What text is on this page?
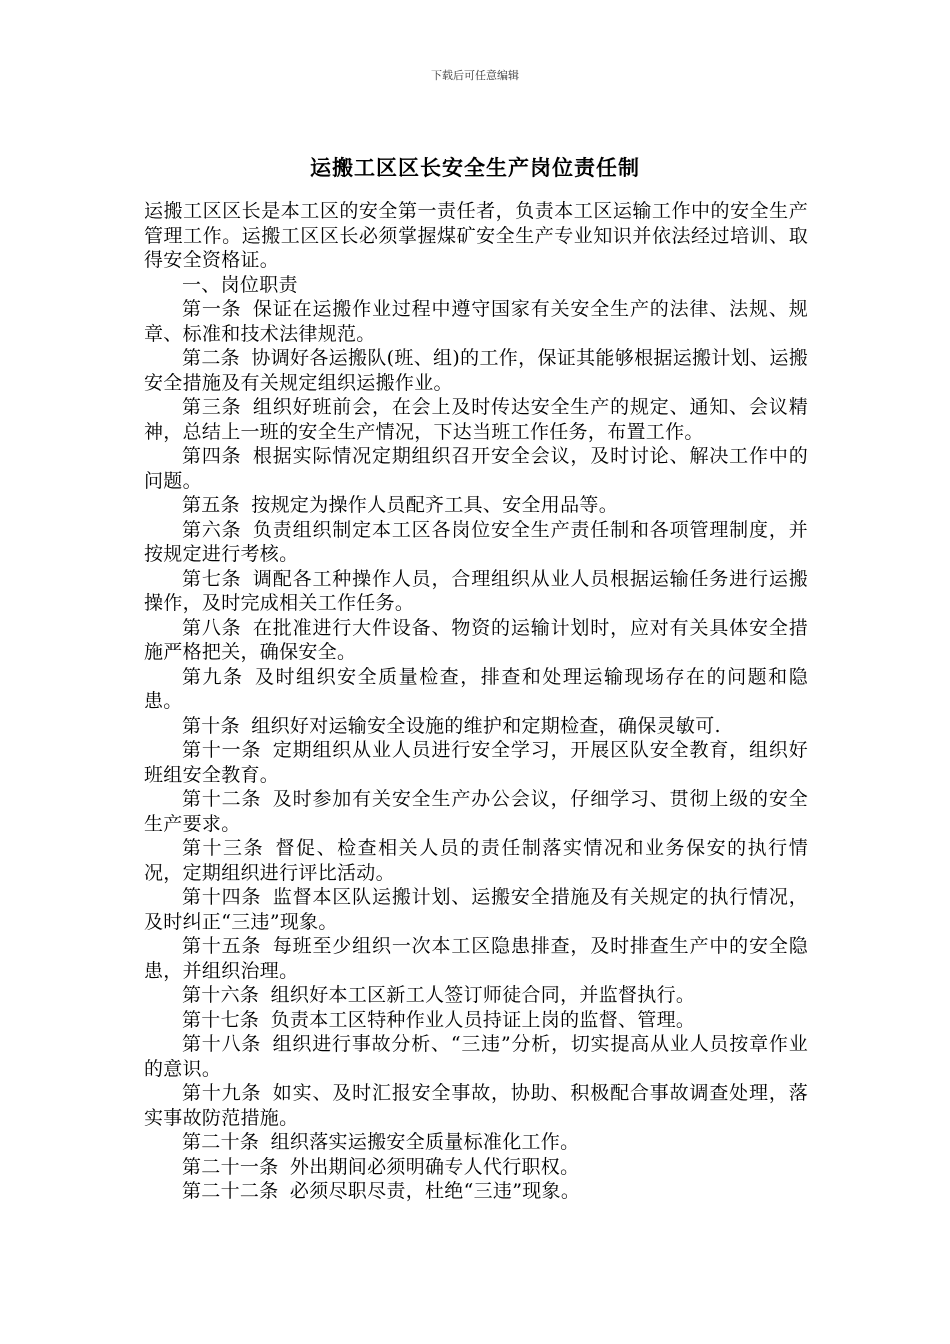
下载后可任意编辑
运搬工区区长安全生产岗位责任制

运搬工区区长是本工区的安全第一责任者，负责本工区运输工作中的安全生产管理工作。运搬工区区长必须掌握煤矿安全生产专业知识并依法经过培训、取得安全资格证。

一、岗位职责

第一条 保证在运搬作业过程中遵守国家有关安全生产的法律、法规、规章、标准和技术法律规范。

第二条 协调好各运搬队(班、组)的工作，保证其能够根据运搬计划、运搬安全措施及有关规定组织运搬作业。

第三条 组织好班前会，在会上及时传达安全生产的规定、通知、会议精神，总结上一班的安全生产情况，下达当班工作任务，布置工作。

第四条 根据实际情况定期组织召开安全会议，及时讨论、解决工作中的问题。

第五条 按规定为操作人员配齐工具、安全用品等。

第六条 负责组织制定本工区各岗位安全生产责任制和各项管理制度，并按规定进行考核。

第七条 调配各工种操作人员，合理组织从业人员根据运输任务进行运搬操作，及时完成相关工作任务。

第八条 在批准进行大件设备、物资的运输计划时，应对有关具体安全措施严格把关，确保安全。

第九条 及时组织安全质量检查，排查和处理运输现场存在的问题和隐患。

第十条 组织好对运输安全设施的维护和定期检查，确保灵敏可.

第十一条 定期组织从业人员进行安全学习，开展区队安全教育，组织好班组安全教育。

第十二条 及时参加有关安全生产办公会议，仔细学习、贯彻上级的安全生产要求。

第十三条 督促、检查相关人员的责任制落实情况和业务保安的执行情况，定期组织进行评比活动。

第十四条 监督本区队运搬计划、运搬安全措施及有关规定的执行情况，及时纠正“三违”现象。

第十五条 每班至少组织一次本工区隐患排查，及时排查生产中的安全隐患，并组织治理。

第十六条 组织好本工区新工人签订师徒合同，并监督执行。

第十七条 负责本工区特种作业人员持证上岗的监督、管理。

第十八条 组织进行事故分析、“三违”分析，切实提高从业人员按章作业的意识。

第十九条 如实、及时汇报安全事故，协助、积极配合事故调查处理，落实事故防范措施。

第二十条 组织落实运搬安全质量标准化工作。

第二十一条 外出期间必须明确专人代行职权。

第二十二条 必须尽职尽责，杜绝“三违”现象。
